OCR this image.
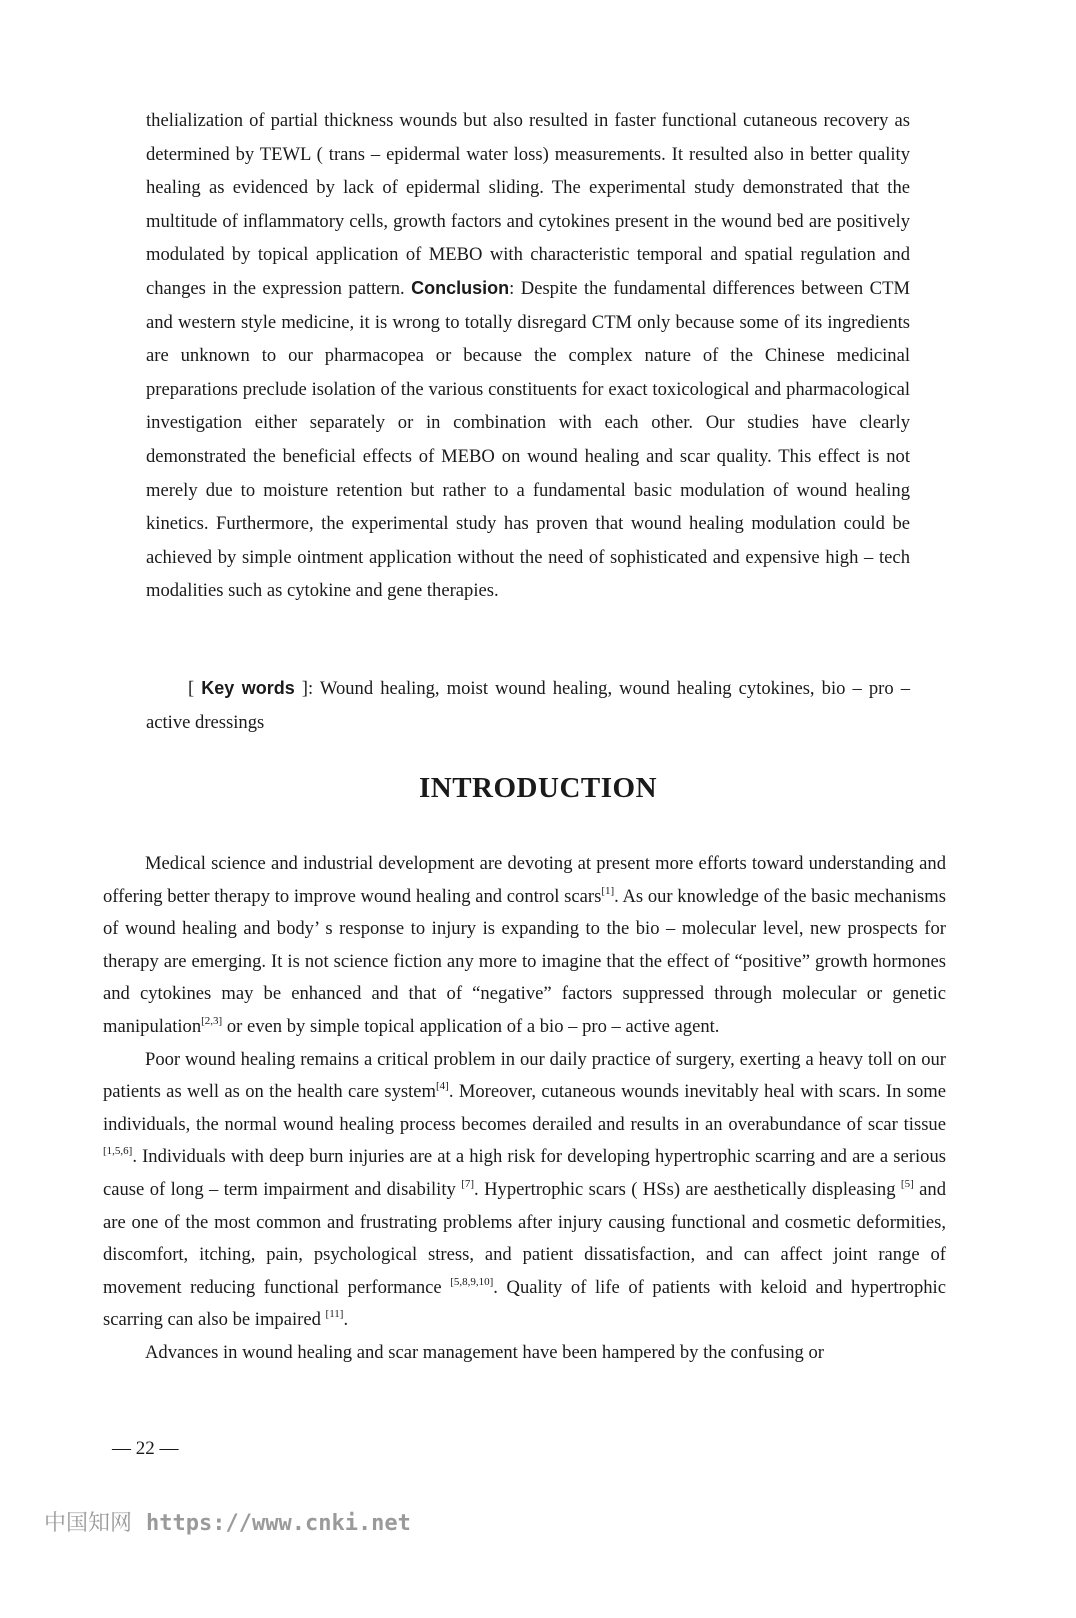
thelialization of partial thickness wounds but also resulted in faster functional cutaneous recovery as determined by TEWL ( trans – epidermal water loss) measurements. It resulted also in better quality healing as evidenced by lack of epidermal sliding. The experimental study demonstrated that the multitude of inflammatory cells, growth factors and cytokines present in the wound bed are positively modulated by topical application of MEBO with characteristic temporal and spatial regulation and changes in the expression pattern. Conclusion: Despite the fundamental differences between CTM and western style medicine, it is wrong to totally disregard CTM only because some of its ingredients are unknown to our pharmacopea or because the complex nature of the Chinese medicinal preparations preclude isolation of the various constituents for exact toxicological and pharmacological investigation either separately or in combination with each other. Our studies have clearly demonstrated the beneficial effects of MEBO on wound healing and scar quality. This effect is not merely due to moisture retention but rather to a fundamental basic modulation of wound healing kinetics. Furthermore, the experimental study has proven that wound healing modulation could be achieved by simple ointment application without the need of sophisticated and expensive high – tech modalities such as cytokine and gene therapies.

[ Key words ]: Wound healing, moist wound healing, wound healing cytokines, bio – pro – active dressings
INTRODUCTION

Medical science and industrial development are devoting at present more efforts toward understanding and offering better therapy to improve wound healing and control scars[1]. As our knowledge of the basic mechanisms of wound healing and body’ s response to injury is expanding to the bio – molecular level, new prospects for therapy are emerging. It is not science fiction any more to imagine that the effect of “positive” growth hormones and cytokines may be enhanced and that of “negative” factors suppressed through molecular or genetic manipulation[2,3] or even by simple topical application of a bio – pro – active agent.

Poor wound healing remains a critical problem in our daily practice of surgery, exerting a heavy toll on our patients as well as on the health care system[4]. Moreover, cutaneous wounds inevitably heal with scars. In some individuals, the normal wound healing process becomes derailed and results in an overabundance of scar tissue [1,5,6]. Individuals with deep burn injuries are at a high risk for developing hypertrophic scarring and are a serious cause of long – term impairment and disability [7]. Hypertrophic scars ( HSs) are aesthetically displeasing [5] and are one of the most common and frustrating problems after injury causing functional and cosmetic deformities, discomfort, itching, pain, psychological stress, and patient dissatisfaction, and can affect joint range of movement reducing functional performance [5,8,9,10]. Quality of life of patients with keloid and hypertrophic scarring can also be impaired [11].

Advances in wound healing and scar management have been hampered by the confusing or

— 22 —
中国知网 https://www.cnki.net
